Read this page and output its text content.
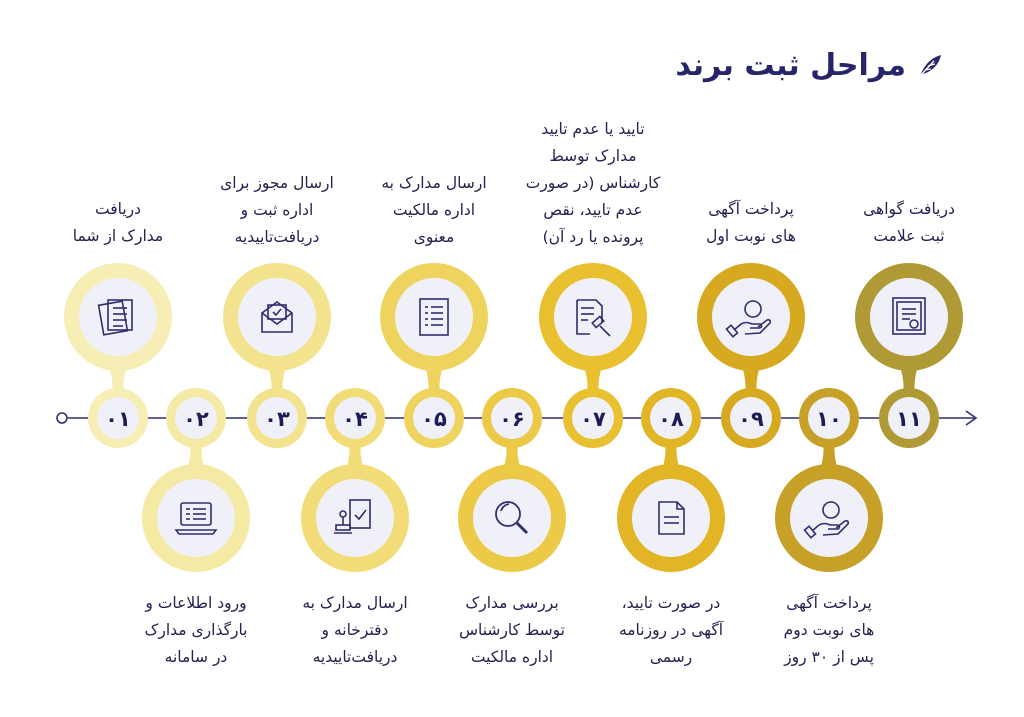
مراحل ثبت برند
۰۱ ۰۲	۰۳ ۰۴	۰۵ ۰۶	۰۷ ۰۸	۰۹ ۱۰	۱۱
دریافت
مدارک از شما
ورود اطلاعات و
بارگذاری مدارک
در سامانه
ارسال مجوز برای
اداره ثبت و
دریافت‌تاییدیه
ارسال مدارک به
دفترخانه و
دریافت‌تاییدیه
ارسال مدارک به
اداره مالکیت
معنوی
بررسی مدارک
توسط کارشناس
اداره مالکیت
تایید یا عدم تایید
مدارک توسط
کارشناس (در صورت
عدم تایید، نقص
پرونده یا رد آن)
در صورت تایید،
آگهی در روزنامه
رسمی
پرداخت آگهی
های نوبت اول
پرداخت آگهی
های نوبت دوم
پس از ۳۰ روز
دریافت گواهی
ثبت علامت
